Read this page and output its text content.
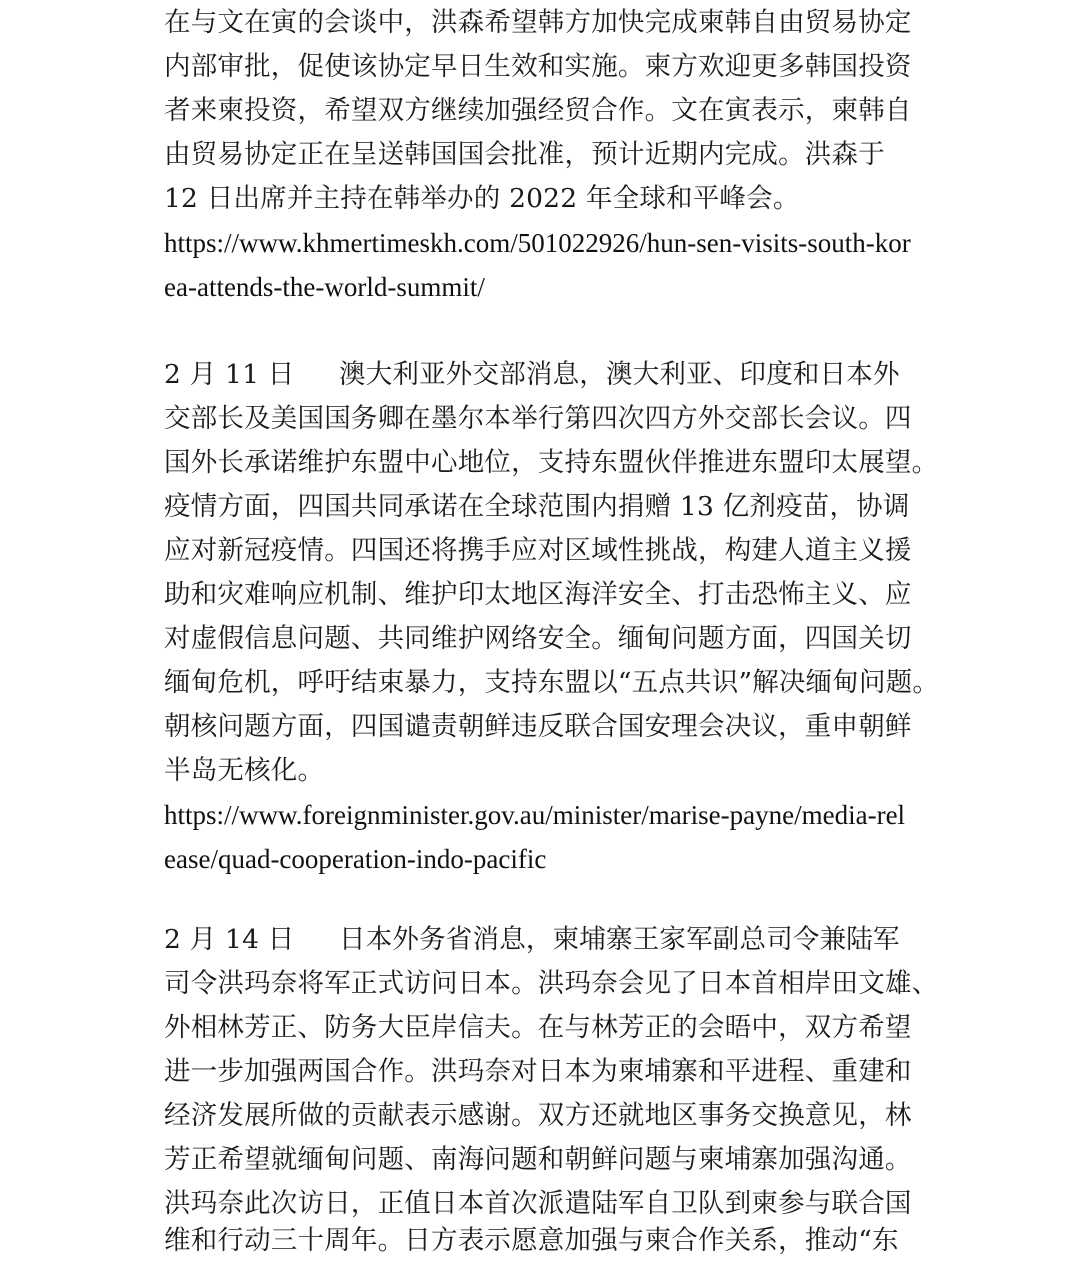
在与文在寅的会谈中，洪森希望韩方加快完成柬韩自由贸易协定
内部审批，促使该协定早日生效和实施。柬方欢迎更多韩国投资
者来柬投资，希望双方继续加强经贸合作。文在寅表示，柬韩自
由贸易协定正在呈送韩国国会批准，预计近期内完成。洪森于
12 日出席并主持在韩举办的 2022 年全球和平峰会。
https://www.khmertimeskh.com/501022926/hun-sen-visits-south-kor
ea-attends-the-world-summit/
2 月 11 日 澳大利亚外交部消息，澳大利亚、印度和日本外
交部长及美国国务卿在墨尔本举行第四次四方外交部长会议。四
国外长承诺维护东盟中心地位，支持东盟伙伴推进东盟印太展望。
疫情方面，四国共同承诺在全球范围内捐赠 13 亿剂疫苗，协调
应对新冠疫情。四国还将携手应对区域性挑战，构建人道主义援
助和灾难响应机制、维护印太地区海洋安全、打击恐怖主义、应
对虚假信息问题、共同维护网络安全。缅甸问题方面，四国关切
缅甸危机，呼吁结束暴力，支持东盟以“五点共识”解决缅甸问题。
朝核问题方面，四国谴责朝鲜违反联合国安理会决议，重申朝鲜
半岛无核化。
https://www.foreignminister.gov.au/minister/marise-payne/media-rel
ease/quad-cooperation-indo-pacific
2 月 14 日 日本外务省消息，柬埔寨王家军副总司令兼陆军
司令洪玛奈将军正式访问日本。洪玛奈会见了日本首相岸田文雄、
外相林芳正、防务大臣岸信夫。在与林芳正的会晤中，双方希望
进一步加强两国合作。洪玛奈对日本为柬埔寨和平进程、重建和
经济发展所做的贡献表示感谢。双方还就地区事务交换意见，林
芳正希望就缅甸问题、南海问题和朝鲜问题与柬埔寨加强沟通。
洪玛奈此次访日，正值日本首次派遣陆军自卫队到柬参与联合国
维和行动三十周年。日方表示愿意加强与柬合作关系，推动“东
